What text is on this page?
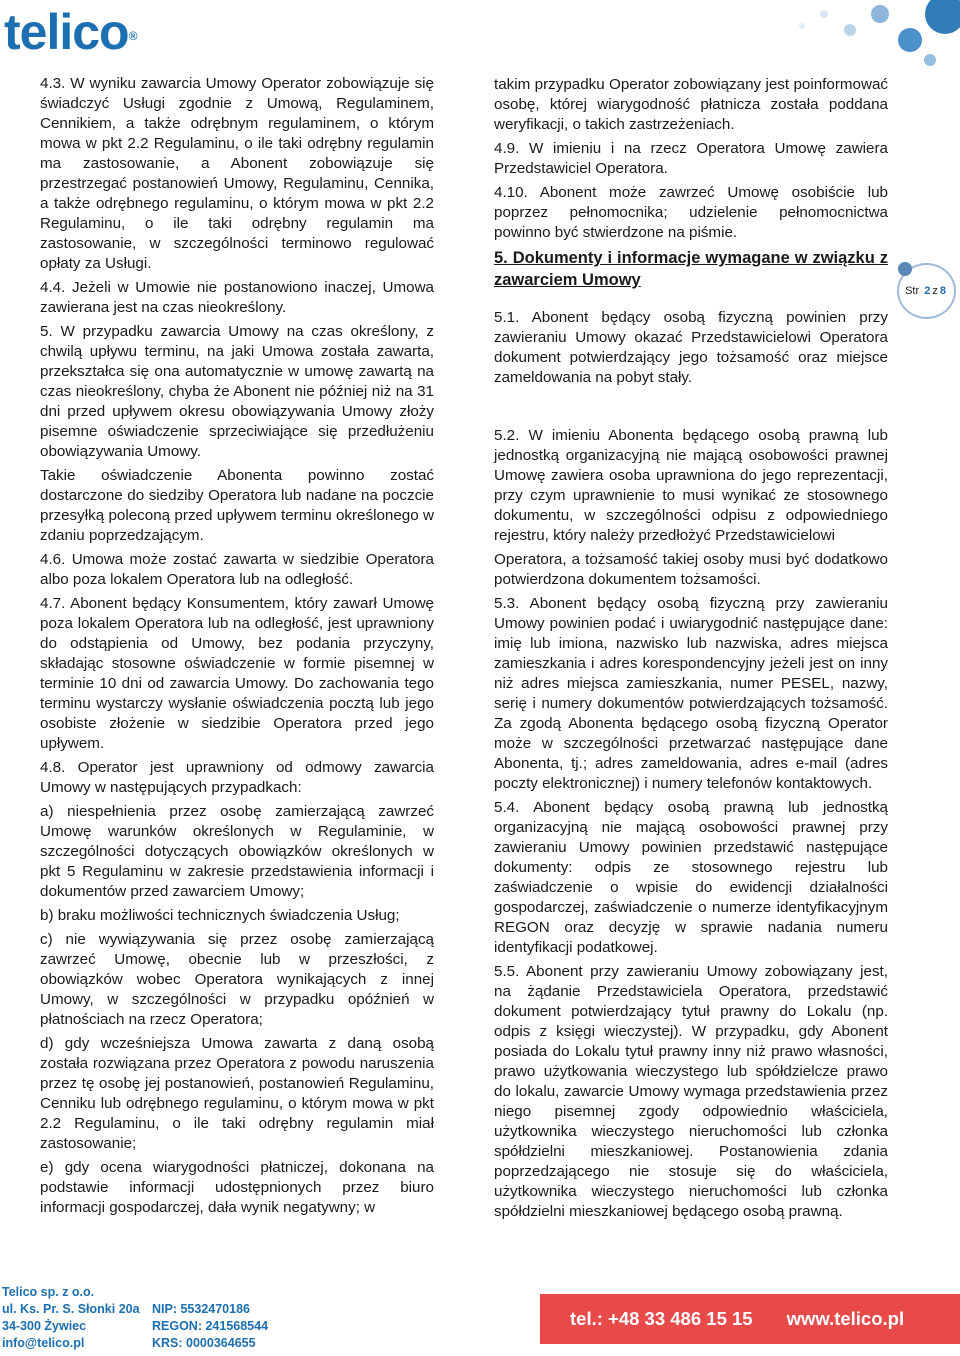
telico®

4.3. W wyniku zawarcia Umowy Operator zobowiązuje się świadczyć Usługi zgodnie z Umową, Regulaminem, Cennikiem, a także odrębnym regulaminem, o którym mowa w pkt 2.2 Regulaminu, o ile taki odrębny regulamin ma zastosowanie, a Abonent zobowiązuje się przestrzegać postanowień Umowy, Regulaminu, Cennika, a także odrębnego regulaminu, o którym mowa w pkt 2.2 Regulaminu, o ile taki odrębny regulamin ma zastosowanie, w szczególności terminowo regulować opłaty za Usługi.

4.4. Jeżeli w Umowie nie postanowiono inaczej, Umowa zawierana jest na czas nieokreślony.

5. W przypadku zawarcia Umowy na czas określony, z chwilą upływu terminu, na jaki Umowa została zawarta, przekształca się ona automatycznie w umowę zawartą na czas nieokreślony, chyba że Abonent nie później niż na 31 dni przed upływem okresu obowiązywania Umowy złoży pisemne oświadczenie sprzeciwiające się przedłużeniu obowiązywania Umowy.

Takie oświadczenie Abonenta powinno zostać dostarczone do siedziby Operatora lub nadane na poczcie przesyłką poleconą przed upływem terminu określonego w zdaniu poprzedzającym.

4.6. Umowa może zostać zawarta w siedzibie Operatora albo poza lokalem Operatora lub na odległość.

4.7. Abonent będący Konsumentem, który zawarł Umowę poza lokalem Operatora lub na odległość, jest uprawniony do odstąpienia od Umowy, bez podania przyczyny, składając stosowne oświadczenie w formie pisemnej w terminie 10 dni od zawarcia Umowy. Do zachowania tego terminu wystarczy wysłanie oświadczenia pocztą lub jego osobiste złożenie w siedzibie Operatora przed jego upływem.

4.8. Operator jest uprawniony od odmowy zawarcia Umowy w następujących przypadkach:

a) niespełnienia przez osobę zamierzającą zawrzeć Umowę warunków określonych w Regulaminie, w szczególności dotyczących obowiązków określonych w pkt 5 Regulaminu w zakresie przedstawienia informacji i dokumentów przed zawarciem Umowy;

b) braku możliwości technicznych świadczenia Usług;

c) nie wywiązywania się przez osobę zamierzającą zawrzeć Umowę, obecnie lub w przeszłości, z obowiązków wobec Operatora wynikających z innej Umowy, w szczególności w przypadku opóźnień w płatnościach na rzecz Operatora;

d) gdy wcześniejsza Umowa zawarta z daną osobą została rozwiązana przez Operatora z powodu naruszenia przez tę osobę jej postanowień, postanowień Regulaminu, Cenniku lub odrębnego regulaminu, o którym mowa w pkt 2.2 Regulaminu, o ile taki odrębny regulamin miał zastosowanie;

e) gdy ocena wiarygodności płatniczej, dokonana na podstawie informacji udostępnionych przez biuro informacji gospodarczej, dała wynik negatywny; w

takim przypadku Operator zobowiązany jest poinformować osobę, której wiarygodność płatnicza została poddana weryfikacji, o takich zastrzeżeniach.

4.9. W imieniu i na rzecz Operatora Umowę zawiera Przedstawiciel Operatora.

4.10. Abonent może zawrzeć Umowę osobiście lub poprzez pełnomocnika; udzielenie pełnomocnictwa powinno być stwierdzone na piśmie.

5. Dokumenty i informacje wymagane w związku z zawarciem Umowy

5.1. Abonent będący osobą fizyczną powinien przy zawieraniu Umowy okazać Przedstawicielowi Operatora dokument potwierdzający jego tożsamość oraz miejsce zameldowania na pobyt stały.

5.2. W imieniu Abonenta będącego osobą prawną lub jednostką organizacyjną nie mającą osobowości prawnej Umowę zawiera osoba uprawniona do jego reprezentacji, przy czym uprawnienie to musi wynikać ze stosownego dokumentu, w szczególności odpisu z odpowiedniego rejestru, który należy przedłożyć Przedstawicielowi

Operatora, a tożsamość takiej osoby musi być dodatkowo potwierdzona dokumentem tożsamości.

5.3. Abonent będący osobą fizyczną przy zawieraniu Umowy powinien podać i uwiarygodnić następujące dane: imię lub imiona, nazwisko lub nazwiska, adres miejsca zamieszkania i adres korespondencyjny jeżeli jest on inny niż adres miejsca zamieszkania, numer PESEL, nazwy, serię i numery dokumentów potwierdzających tożsamość. Za zgodą Abonenta będącego osobą fizyczną Operator może w szczególności przetwarzać następujące dane Abonenta, tj.; adres zameldowania, adres e-mail (adres poczty elektronicznej) i numery telefonów kontaktowych.

5.4. Abonent będący osobą prawną lub jednostką organizacyjną nie mającą osobowości prawnej przy zawieraniu Umowy powinien przedstawić następujące dokumenty: odpis ze stosownego rejestru lub zaświadczenie o wpisie do ewidencji działalności gospodarczej, zaświadczenie o numerze identyfikacyjnym REGON oraz decyzję w sprawie nadania numeru identyfikacji podatkowej.

5.5. Abonent przy zawieraniu Umowy zobowiązany jest, na żądanie Przedstawiciela Operatora, przedstawić dokument potwierdzający tytuł prawny do Lokalu (np. odpis z księgi wieczystej). W przypadku, gdy Abonent posiada do Lokalu tytuł prawny inny niż prawo własności, prawo użytkowania wieczystego lub spółdzielcze prawo do lokalu, zawarcie Umowy wymaga przedstawienia przez niego pisemnej zgody odpowiednio właściciela, użytkownika wieczystego nieruchomości lub członka spółdzielni mieszkaniowej. Postanowienia zdania poprzedzającego nie stosuje się do właściciela, użytkownika wieczystego nieruchomości lub członka spółdzielni mieszkaniowej będącego osobą prawną.

Str
2 z 8
Telico sp. z o.o.
ul. Ks. Pr. S. Słonki 20a
34-300 Żywiec
info@telico.pl
NIP: 5532470186
REGON: 241568544
KRS: 0000364655
tel.: +48 33 486 15 15 www.telico.pl
